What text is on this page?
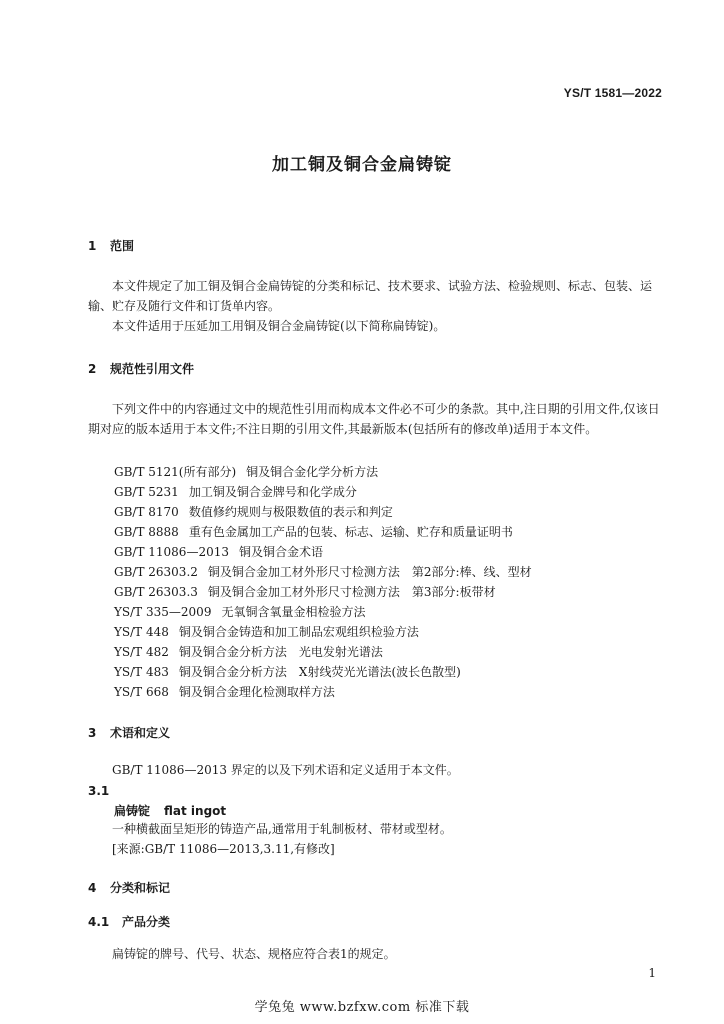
YS/T 1581—2022
加工铜及铜合金扁铸锭
1 范围
本文件规定了加工铜及铜合金扁铸锭的分类和标记、技术要求、试验方法、检验规则、标志、包装、运输、贮存及随行文件和订货单内容。
本文件适用于压延加工用铜及铜合金扁铸锭(以下简称扁铸锭)。
2 规范性引用文件
下列文件中的内容通过文中的规范性引用而构成本文件必不可少的条款。其中,注日期的引用文件,仅该日期对应的版本适用于本文件;不注日期的引用文件,其最新版本(包括所有的修改单)适用于本文件。
GB/T 5121(所有部分) 铜及铜合金化学分析方法
GB/T 5231 加工铜及铜合金牌号和化学成分
GB/T 8170 数值修约规则与极限数值的表示和判定
GB/T 8888 重有色金属加工产品的包装、标志、运输、贮存和质量证明书
GB/T 11086—2013 铜及铜合金术语
GB/T 26303.2 铜及铜合金加工材外形尺寸检测方法　第2部分:棒、线、型材
GB/T 26303.3 铜及铜合金加工材外形尺寸检测方法　第3部分:板带材
YS/T 335—2009 无氧铜含氧量金相检验方法
YS/T 448 铜及铜合金铸造和加工制品宏观组织检验方法
YS/T 482 铜及铜合金分析方法　光电发射光谱法
YS/T 483 铜及铜合金分析方法　X射线荧光光谱法(波长色散型)
YS/T 668 铜及铜合金理化检测取样方法
3 术语和定义
GB/T 11086—2013 界定的以及下列术语和定义适用于本文件。
3.1
扁铸锭 flat ingot
一种横截面呈矩形的铸造产品,通常用于轧制板材、带材或型材。
[来源:GB/T 11086—2013,3.11,有修改]
4 分类和标记
4.1 产品分类
扁铸锭的牌号、代号、状态、规格应符合表1的规定。
1
学兔兔 www.bzfxw.com 标准下载
